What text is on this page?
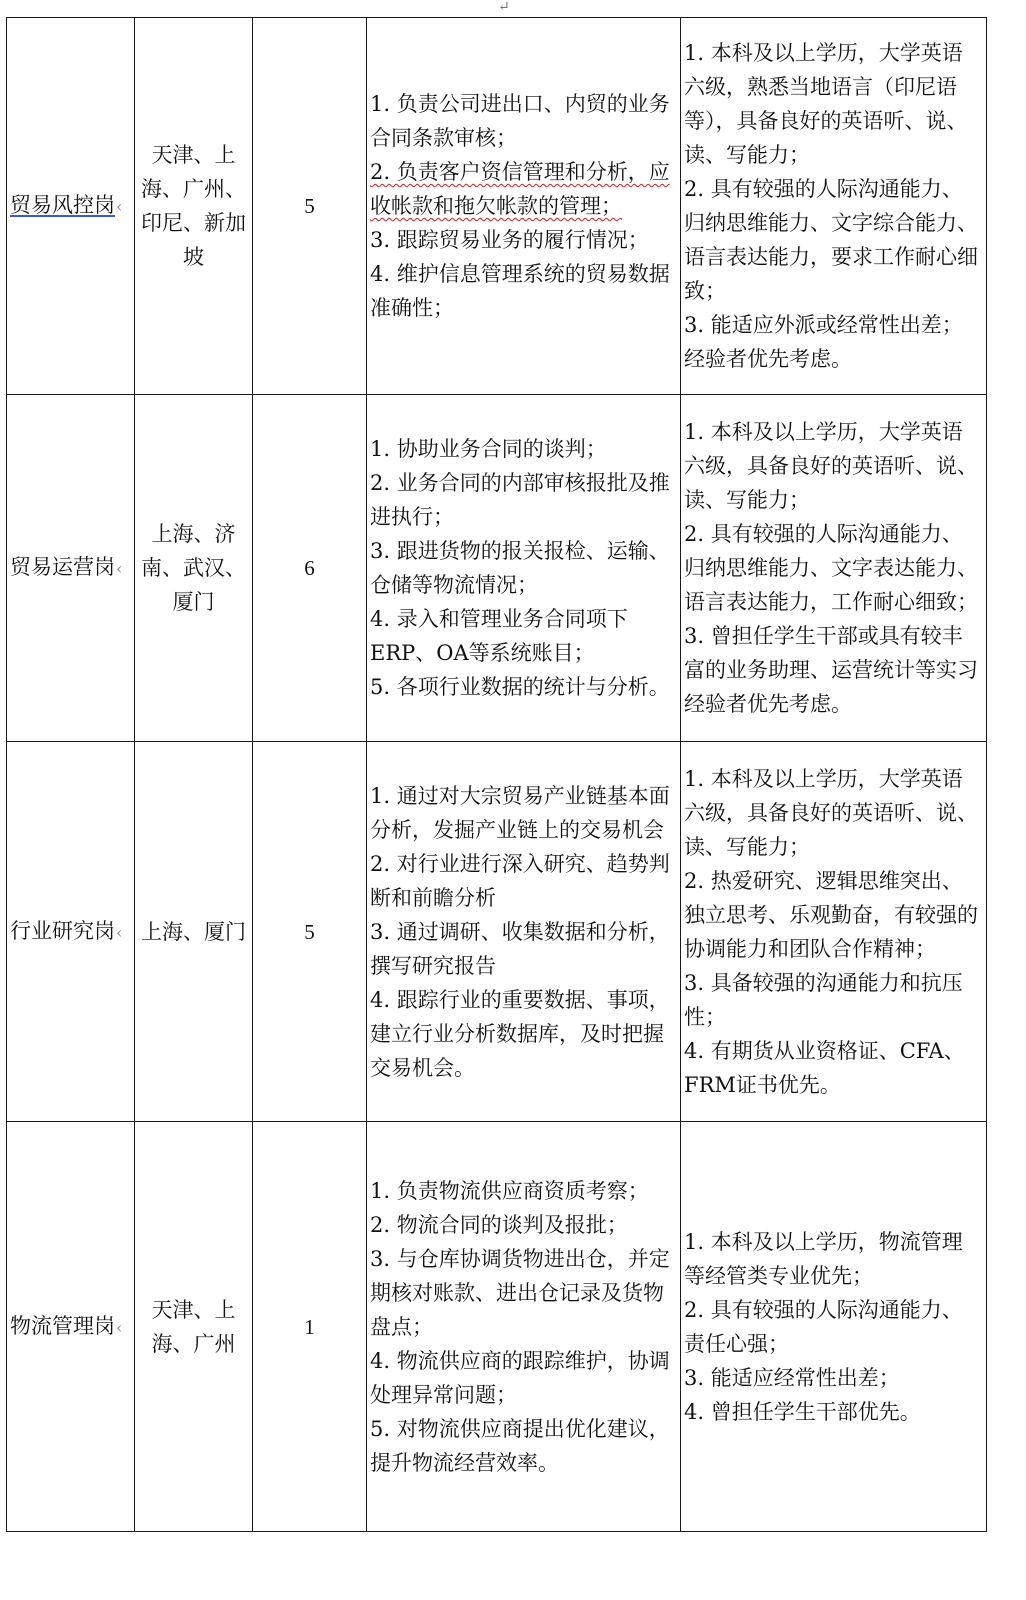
↵
贸易风控岗‹	天津、上海、广州、印尼、新加坡	5	1. 负责公司进出口、内贸的业务合同条款审核；
2. 负责客户资信管理和分析，应收帐款和拖欠帐款的管理；
3. 跟踪贸易业务的履行情况；
4. 维护信息管理系统的贸易数据准确性；	1. 本科及以上学历，大学英语六级，熟悉当地语言（印尼语等），具备良好的英语听、说、读、写能力；
2. 具有较强的人际沟通能力、归纳思维能力、文字综合能力、语言表达能力，要求工作耐心细致；
3. 能适应外派或经常性出差；
经验者优先考虑。

贸易运营岗‹	上海、济南、武汉、厦门	6	1. 协助业务合同的谈判；
2. 业务合同的内部审核报批及推进执行；
3. 跟进货物的报关报检、运输、仓储等物流情况；
4. 录入和管理业务合同项下ERP、OA等系统账目；
5. 各项行业数据的统计与分析。	1. 本科及以上学历，大学英语六级，具备良好的英语听、说、读、写能力；
2. 具有较强的人际沟通能力、归纳思维能力、文字表达能力、语言表达能力，工作耐心细致；
3. 曾担任学生干部或具有较丰富的业务助理、运营统计等实习经验者优先考虑。

行业研究岗‹	上海、厦门	5	1. 通过对大宗贸易产业链基本面分析，发掘产业链上的交易机会
2. 对行业进行深入研究、趋势判断和前瞻分析
3. 通过调研、收集数据和分析，撰写研究报告
4. 跟踪行业的重要数据、事项，建立行业分析数据库，及时把握交易机会。	1. 本科及以上学历，大学英语六级，具备良好的英语听、说、读、写能力；
2. 热爱研究、逻辑思维突出、独立思考、乐观勤奋，有较强的协调能力和团队合作精神；
3. 具备较强的沟通能力和抗压性；
4. 有期货从业资格证、CFA、FRM证书优先。

物流管理岗‹	天津、上海、广州	1	1. 负责物流供应商资质考察；
2. 物流合同的谈判及报批；
3. 与仓库协调货物进出仓，并定期核对账款、进出仓记录及货物盘点；
4. 物流供应商的跟踪维护，协调处理异常问题；
5. 对物流供应商提出优化建议，提升物流经营效率。	1. 本科及以上学历，物流管理等经管类专业优先；
2. 具有较强的人际沟通能力、责任心强；
3. 能适应经常性出差；
4. 曾担任学生干部优先。
